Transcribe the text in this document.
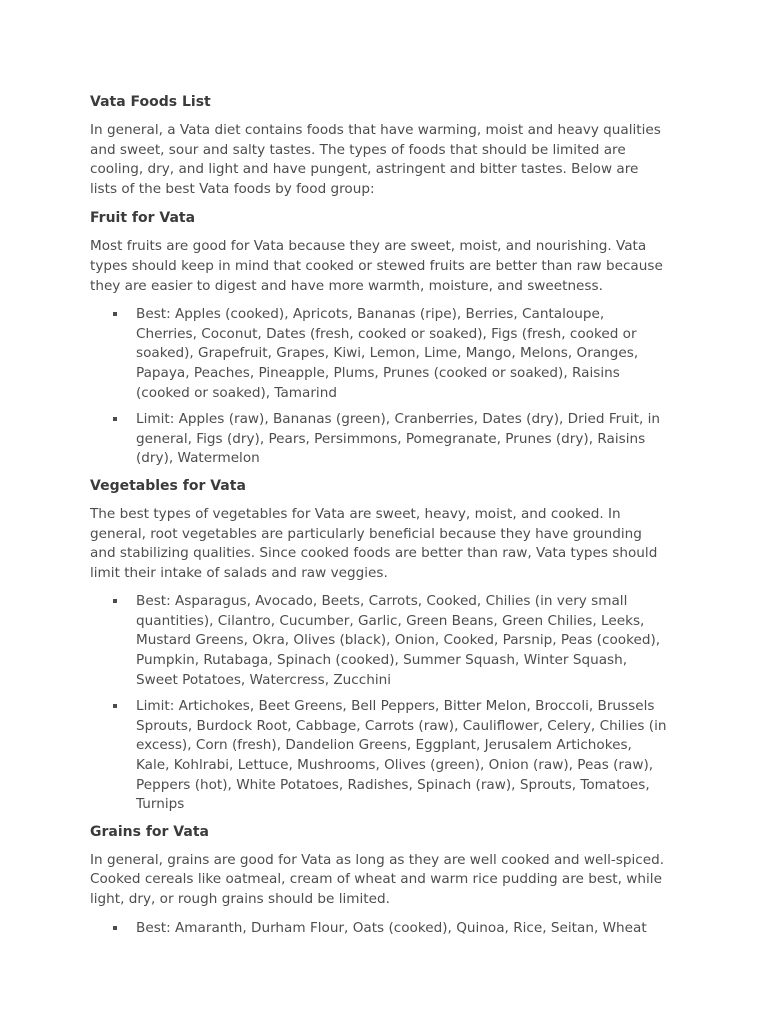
Vata Foods List
In general, a Vata diet contains foods that have warming, moist and heavy qualities and sweet, sour and salty tastes. The types of foods that should be limited are cooling, dry, and light and have pungent, astringent and bitter tastes. Below are lists of the best Vata foods by food group:
Fruit for Vata
Most fruits are good for Vata because they are sweet, moist, and nourishing. Vata types should keep in mind that cooked or stewed fruits are better than raw because they are easier to digest and have more warmth, moisture, and sweetness.
Best: Apples (cooked), Apricots, Bananas (ripe), Berries, Cantaloupe, Cherries, Coconut, Dates (fresh, cooked or soaked), Figs (fresh, cooked or soaked), Grapefruit, Grapes, Kiwi, Lemon, Lime, Mango, Melons, Oranges, Papaya, Peaches, Pineapple, Plums, Prunes (cooked or soaked), Raisins (cooked or soaked), Tamarind
Limit: Apples (raw), Bananas (green), Cranberries, Dates (dry), Dried Fruit, in general, Figs (dry), Pears, Persimmons, Pomegranate, Prunes (dry), Raisins (dry), Watermelon
Vegetables for Vata
The best types of vegetables for Vata are sweet, heavy, moist, and cooked. In general, root vegetables are particularly beneficial because they have grounding and stabilizing qualities. Since cooked foods are better than raw, Vata types should limit their intake of salads and raw veggies.
Best: Asparagus, Avocado, Beets, Carrots, Cooked, Chilies (in very small quantities), Cilantro, Cucumber, Garlic, Green Beans, Green Chilies, Leeks, Mustard Greens, Okra, Olives (black), Onion, Cooked, Parsnip, Peas (cooked), Pumpkin, Rutabaga, Spinach (cooked), Summer Squash, Winter Squash, Sweet Potatoes, Watercress, Zucchini
Limit: Artichokes, Beet Greens, Bell Peppers, Bitter Melon, Broccoli, Brussels Sprouts, Burdock Root, Cabbage, Carrots (raw), Cauliflower, Celery, Chilies (in excess), Corn (fresh), Dandelion Greens, Eggplant, Jerusalem Artichokes, Kale, Kohlrabi, Lettuce, Mushrooms, Olives (green), Onion (raw), Peas (raw), Peppers (hot), White Potatoes, Radishes, Spinach (raw), Sprouts, Tomatoes, Turnips
Grains for Vata
In general, grains are good for Vata as long as they are well cooked and well-spiced. Cooked cereals like oatmeal, cream of wheat and warm rice pudding are best, while light, dry, or rough grains should be limited.
Best: Amaranth, Durham Flour, Oats (cooked), Quinoa, Rice, Seitan, Wheat
